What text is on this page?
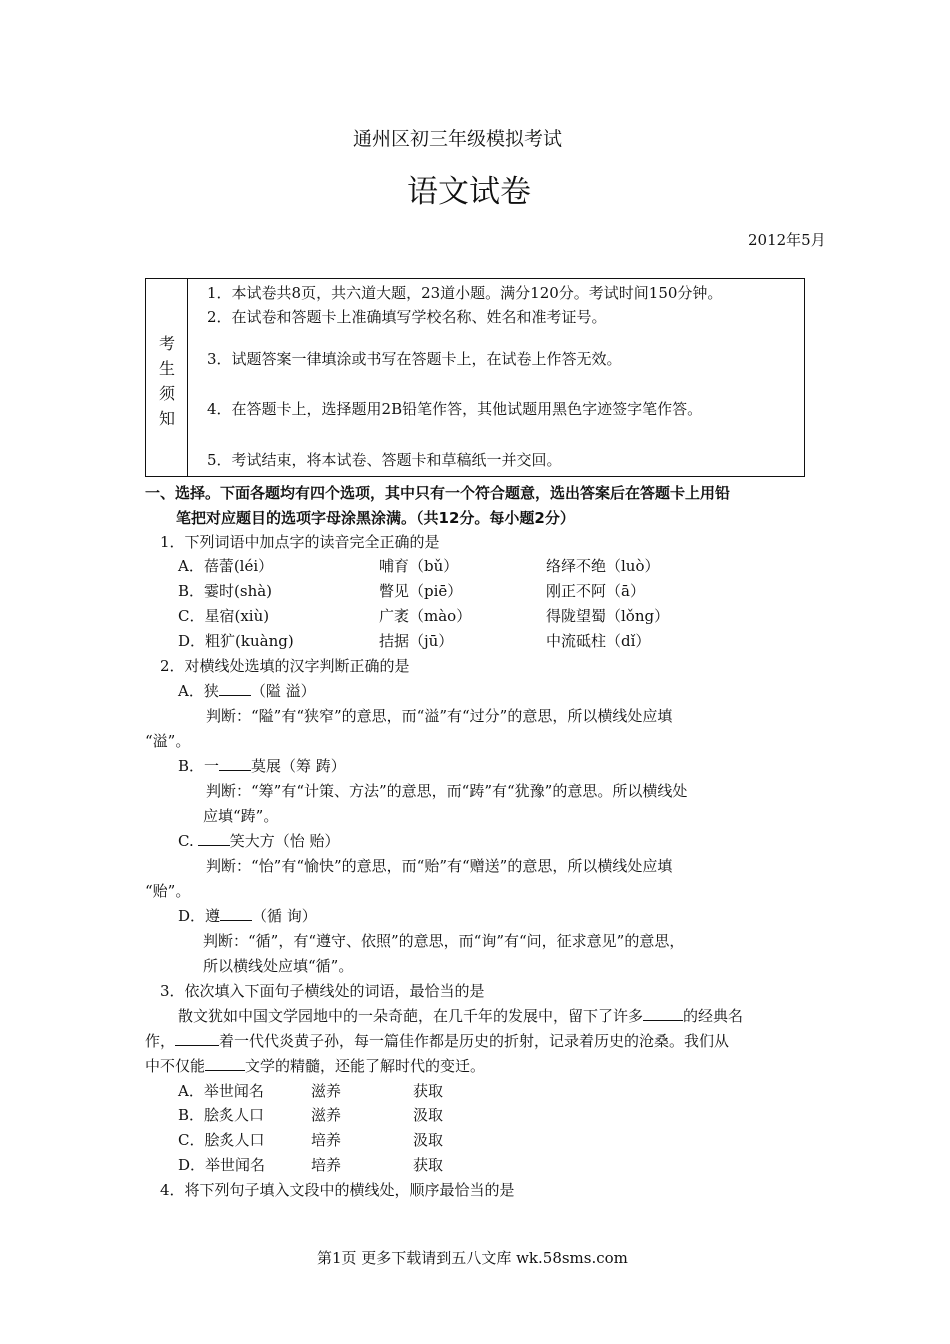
通州区初三年级模拟考试
语文试卷
2012年5月
考
生
须
知
1．本试卷共8页，共六道大题，23道小题。满分120分。考试时间150分钟。
2．在试卷和答题卡上准确填写学校名称、姓名和准考证号。
3．试题答案一律填涂或书写在答题卡上，在试卷上作答无效。
4．在答题卡上，选择题用2B铅笔作答，其他试题用黑色字迹签字笔作答。
5．考试结束，将本试卷、答题卡和草稿纸一并交回。
一、选择。下面各题均有四个选项，其中只有一个符合题意，选出答案后在答题卡上用铅
笔把对应题目的选项字母涂黑涂满。（共12分。每小题2分）
1．下列词语中加点字的读音完全正确的是
A．蓓蕾(léi）	哺育（bǔ）	络绎不绝（luò）
B．霎时(shà)	瞥见（piē）	刚正不阿（ā）
C．星宿(xiù)	广袤（mào）	得陇望蜀（lǒng）
D．粗犷(kuàng)	拮据（jū）	中流砥柱（dǐ）
2．对横线处选填的汉字判断正确的是
A．狭 （隘 溢）
判断：“隘”有“狭窄”的意思，而“溢”有“过分”的意思，所以横线处应填
“溢”。
B．一 莫展（筹 踌）
判断：“筹”有“计策、方法”的意思，而“踌”有“犹豫”的意思。所以横线处
应填“踌”。
C. 笑大方（怡 贻）
判断：“怡”有“愉快”的意思，而“贻”有“赠送”的意思，所以横线处应填
“贻”。
D．遵 （循 询）
判断：“循”，有“遵守、依照”的意思，而“询”有“问，征求意见”的意思，
所以横线处应填“循”。
3．依次填入下面句子横线处的词语，最恰当的是
散文犹如中国文学园地中的一朵奇葩，在几千年的发展中，留下了许多	的经典名
作，	着一代代炎黄子孙，每一篇佳作都是历史的折射，记录着历史的沧桑。我们从
中不仅能	文学的精髓，还能了解时代的变迁。
A．举世闻名	滋养	获取
B．脍炙人口	滋养	汲取
C．脍炙人口	培养	汲取
D．举世闻名	培养	获取
4．将下列句子填入文段中的横线处，顺序最恰当的是
第1页 更多下载请到五八文库 wk.58sms.com
